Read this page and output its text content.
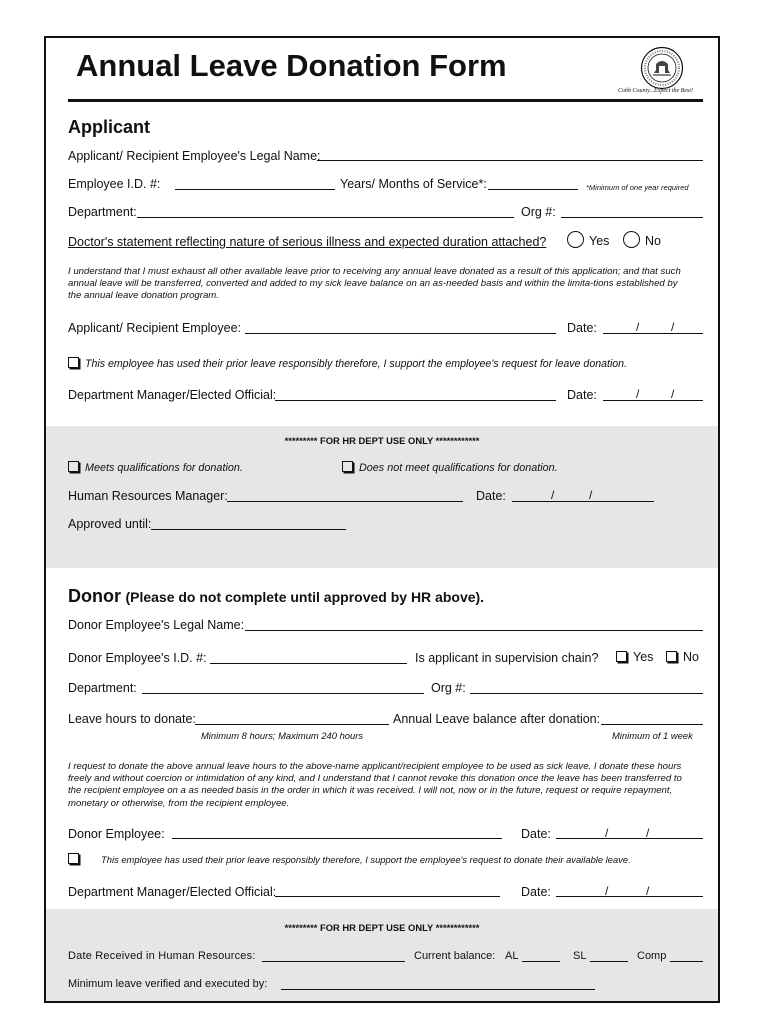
Annual Leave Donation Form
Cobb County...Expect the Best!
Applicant
Applicant/ Recipient Employee's Legal Name:
Employee I.D. #:	Years/ Months of Service*:	*Minimum of one year required
Department:	Org #:
Doctor's statement reflecting nature of serious illness and expected duration attached?	Yes	No
I understand that I must exhaust all other available leave prior to receiving any annual leave donated as a result of this application; and that such annual leave will be transferred, converted and added to my sick leave balance on an as-needed basis and within the limita-tions established by the annual leave donation program.
Applicant/ Recipient Employee:	Date:	/	/
This employee has used their prior leave responsibly therefore, I support the employee's request for leave donation.
Department Manager/Elected Official:	Date:	/	/
********* FOR HR DEPT USE ONLY ************
Meets qualifications for donation.	Does not meet qualifications for donation.
Human Resources Manager:	Date:	/	/
Approved until:
Donor (Please do not complete until approved by HR above).
Donor Employee's Legal Name:
Donor Employee's I.D. #:	Is applicant in supervision chain?	Yes	No
Department:	Org #:
Leave hours to donate:	Annual Leave balance after donation:
Minimum 8 hours; Maximum 240 hours	Minimum of 1 week
I request to donate the above annual leave hours to the above-name applicant/recipient employee to be used as sick leave. I donate these hours freely and without coercion or intimidation of any kind, and I understand that I cannot revoke this donation once the leave has been transferred to the recipient employee on a as needed basis in the order in which it was received. I will not, now or in the future, request or require repayment, monetary or otherwise, from the recipient employee.
Donor Employee:	Date:	/	/
This employee has used their prior leave responsibly therefore, I support the employee's request to donate their available leave.
Department Manager/Elected Official:	Date:	/	/
********* FOR HR DEPT USE ONLY ************
Date Received in Human Resources:	Current balance: AL	SL	Comp
Minimum leave verified and executed by:
